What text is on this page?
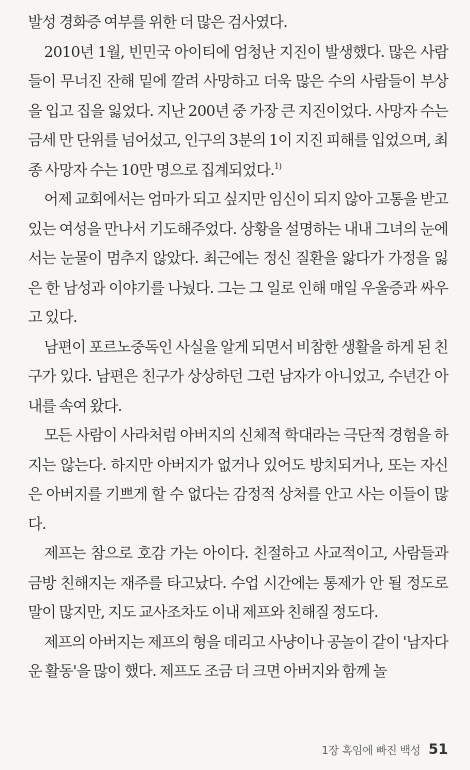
발성 경화증 여부를 위한 더 많은 검사였다.

2010년 1월, 빈민국 아이티에 엄청난 지진이 발생했다. 많은 사람들이 무너진 잔해 밑에 깔려 사망하고 더욱 많은 수의 사람들이 부상을 입고 집을 잃었다. 지난 200년 중 가장 큰 지진이었다. 사망자 수는 금세 만 단위를 넘어섰고, 인구의 3분의 1이 지진 피해를 입었으며, 최종 사망자 수는 10만 명으로 집계되었다.$^{1)}$

어제 교회에서는 엄마가 되고 싶지만 임신이 되지 않아 고통을 받고 있는 여성을 만나서 기도해주었다. 상황을 설명하는 내내 그녀의 눈에서는 눈물이 멈추지 않았다. 최근에는 정신 질환을 앓다가 가정을 잃은 한 남성과 이야기를 나눴다. 그는 그 일로 인해 매일 우울증과 싸우고 있다.

남편이 포르노중독인 사실을 알게 되면서 비참한 생활을 하게 된 친구가 있다. 남편은 친구가 상상하던 그런 남자가 아니었고, 수년간 아내를 속여 왔다.

모든 사람이 사라처럼 아버지의 신체적 학대라는 극단적 경험을 하지는 않는다. 하지만 아버지가 없거나 있어도 방치되거나, 또는 자신은 아버지를 기쁘게 할 수 없다는 감정적 상처를 안고 사는 이들이 많다.

제프는 참으로 호감 가는 아이다. 친절하고 사교적이고, 사람들과 금방 친해지는 재주를 타고났다. 수업 시간에는 통제가 안 될 정도로 말이 많지만, 지도 교사조차도 이내 제프와 친해질 정도다.

제프의 아버지는 제프의 형을 데리고 사냥이나 공놀이 같이 '남자다운 활동'을 많이 했다. 제프도 조금 더 크면 아버지와 함께 놀

1장 혹임에 빠진 백성 51
